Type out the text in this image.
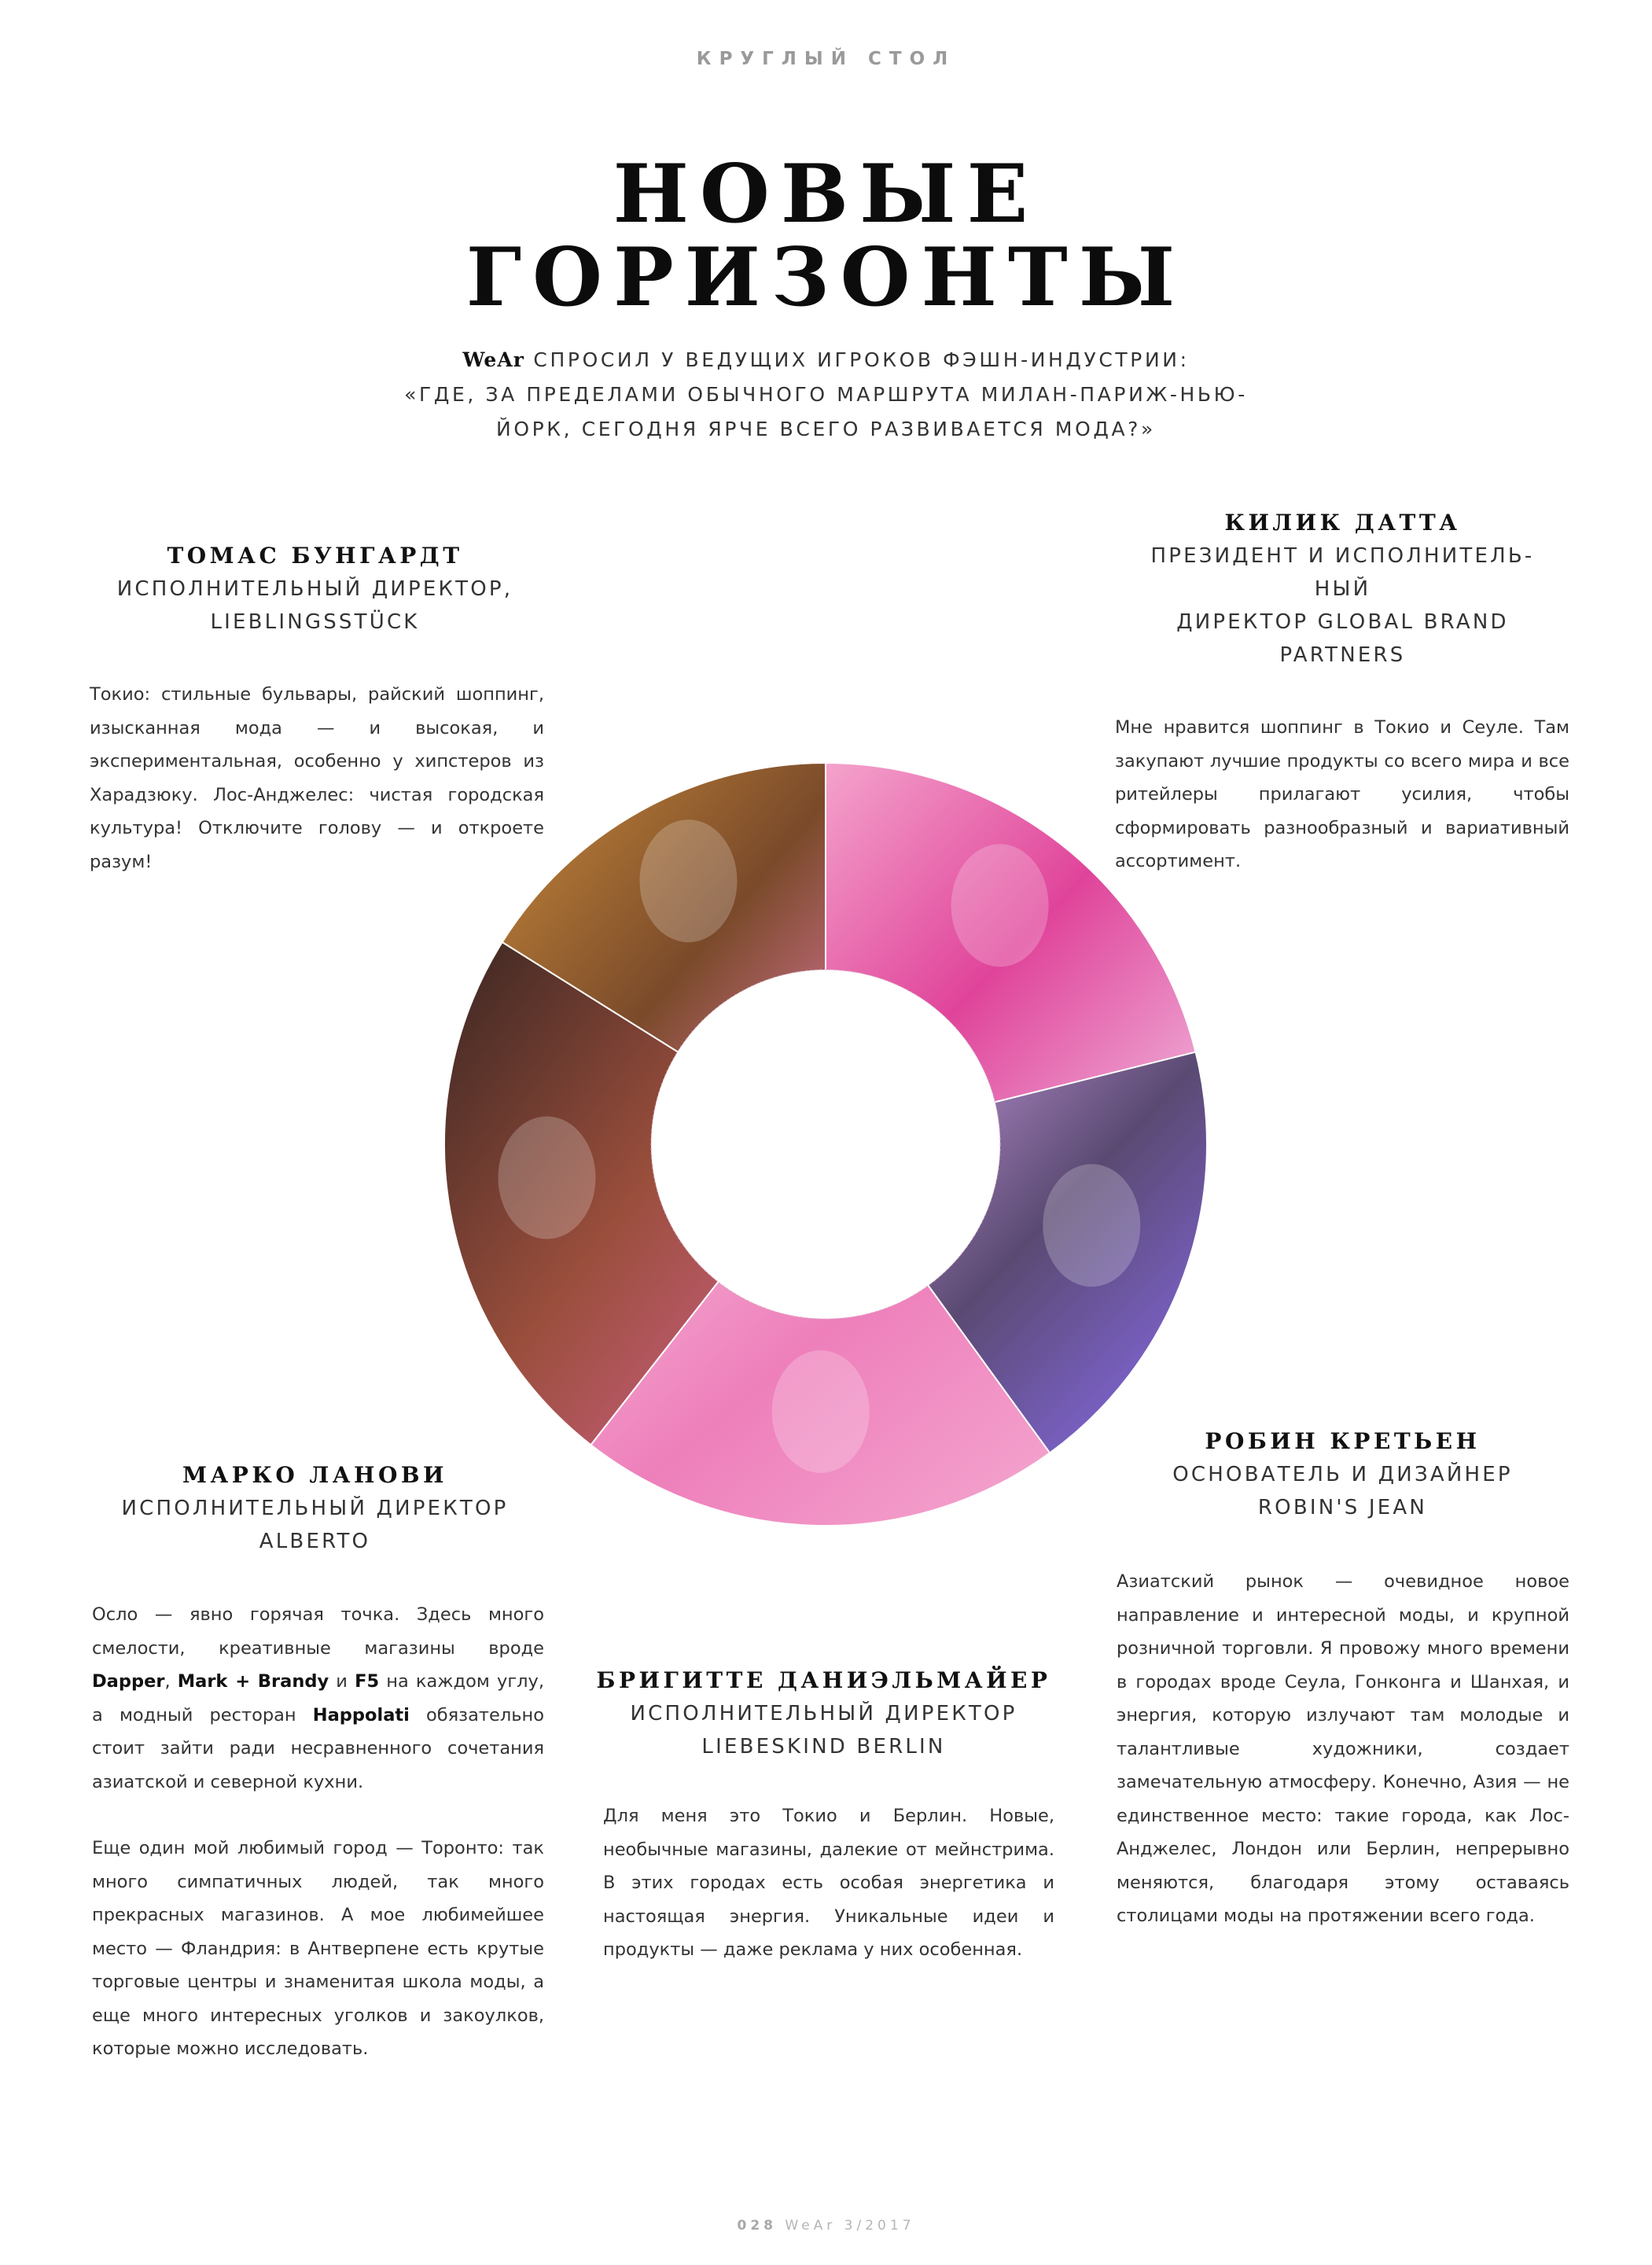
КРУГЛЫЙ СТОЛ
НОВЫЕ
ГОРИЗОНТЫ
WeAr СПРОСИЛ У ВЕДУЩИХ ИГРОКОВ ФЭШН-ИНДУСТРИИ:
«ГДЕ, ЗА ПРЕДЕЛАМИ ОБЫЧНОГО МАРШРУТА МИЛАН-ПАРИЖ-НЬЮ-
ЙОРК, СЕГОДНЯ ЯРЧЕ ВСЕГО РАЗВИВАЕТСЯ МОДА?»
ТОМАС БУНГАРДТ
ИСПОЛНИТЕЛЬНЫЙ ДИРЕКТОР,
LIEBLINGSSTÜCK
Токио: стильные бульвары, райский шоппинг, изысканная мода — и высокая, и экспериментальная, особенно у хипстеров из Харадзюку. Лос-Анджелес: чистая городская культура! Отключите голову — и откроете разум!
КИЛИК ДАТТА
ПРЕЗИДЕНТ И ИСПОЛНИТЕЛЬ-
НЫЙ
ДИРЕКТОР GLOBAL BRAND
PARTNERS
Мне нравится шоппинг в Токио и Сеуле. Там закупают лучшие продукты со всего мира и все ритейлеры прилагают усилия, чтобы сформировать разнообразный и вариативный ассортимент.
МАРКО ЛАНОВИ
ИСПОЛНИТЕЛЬНЫЙ ДИРЕКТОР
ALBERTO

Осло — явно горячая точка. Здесь много смелости, креативные магазины вроде Dapper, Mark + Brandy и F5 на каждом углу, а модный ресторан Happolati обязательно стоит зайти ради несравненного сочетания азиатской и северной кухни.

Еще один мой любимый город — Торонто: так много симпатичных людей, так много прекрасных магазинов. А мое любимейшее место — Фландрия: в Антверпене есть крутые торговые центры и знаменитая школа моды, а еще много интересных уголков и закоулков, которые можно исследовать.

БРИГИТТЕ ДАНИЭЛЬМАЙЕР
ИСПОЛНИТЕЛЬНЫЙ ДИРЕКТОР
LIEBESKIND BERLIN
Для меня это Токио и Берлин. Новые, необычные магазины, далекие от мейнстрима. В этих городах есть особая энергетика и настоящая энергия. Уникальные идеи и продукты — даже реклама у них особенная.
РОБИН КРЕТЬЕН
ОСНОВАТЕЛЬ И ДИЗАЙНЕР
ROBIN'S JEAN
Азиатский рынок — очевидное новое направление и интересной моды, и крупной розничной торговли. Я провожу много времени в городах вроде Сеула, Гонконга и Шанхая, и энергия, которую излучают там молодые и талантливые художники, создает замечательную атмосферу. Конечно, Азия — не единственное место: такие города, как Лос-Анджелес, Лондон или Берлин, непрерывно меняются, благодаря этому оставаясь столицами моды на протяжении всего года.
028 WeAr 3/2017
